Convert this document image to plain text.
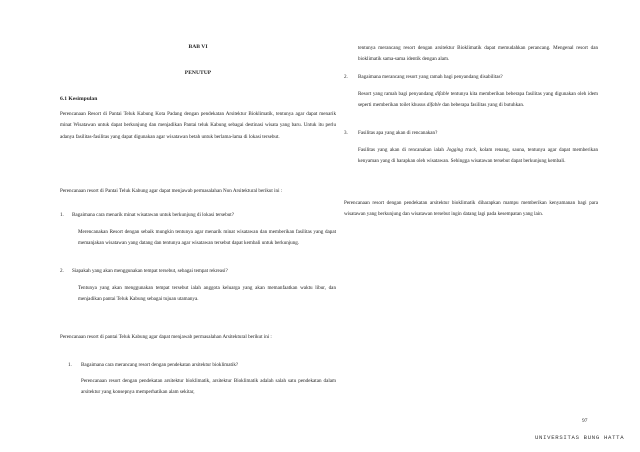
BAB VI
PENUTUP
6.1 Kesimpulan

Perencanaan Resort di Pantai Teluk Kabung Kota Padang dengan pendekatan Arsitektur Bioklimatik, tentunya agar dapat menarik minat Wisatawan untuk dapat berkunjung dan menjadikan Pantai teluk Kabung sebagai destinasi wisata yang baru. Untuk itu perlu adanya fasilitas-fasilitas yang dapat digunakan agar wisatawan betah untuk berlama-lama di lokasi tersebut.

Perencanaan resort di Pantai Teluk Kabung agar dapat menjawab permasalahan Non Arsitektural berikut ini :

1.	Bagaimana cara menarik minat wisatawan untuk berkunjung di lokasi tersebut?

Merencanakan Resort dengan sebaik mungkin tentunya agar menarik minat wisatawan dan memberikan fasilitas yang dapat memanjakan wisatawan yang datang dan tentunya agar wisatawan tersebut dapat kembali untuk berkunjung.

2.	Siapakah yang akan menggunakan tempat tersebut, sebagai tempat rekreasi?

Tentunya yang akan menggunakan tempat tersebut ialah anggota keluarga yang akan memanfaatkan waktu libur, dan menjadikan pantai Teluk Kabung sebagai tujuan utamanya.

Perencanaan resort di pantai Teluk Kabung agar dapat menjawab permasalahan Arsitektural berikut ini :

1.	Bagaimana cara merancang resort dengan pendekatan arsitektur bioklimatik?

Perencanaan resort dengan pendekatan arsitektur bioklimatik, arsitektur Bioklimatik adalah salah satu pendekatan dalam arsitektur yang konsepnya memperhatikan alam sekitar,

tentunya merancang resort dengan arsitektur Bioklimatik dapat memudahkan perancang. Mengenal resort dan bioklimatik sama-sama identik dengan alam.

2.	Bagaimana merancang resort yang ramah bagi penyandang disabilitas?

Resort yang ramah bagi penyandang difable tentunya kita memberikan beberapa fasilitas yang digunakan oleh idem seperti memberikan toilet khusus difable dan beberapa fasilitas yang di butuhkan.

3.	Fasilitas apa yang akan di rencanakan?

Fasilitas yang akan di rencanakan ialah Jogging track, kolam renang, sauna, tentunya agar dapat memberikan kenyaman yang di harapkan oleh wisatawan. Sehingga wisatawan tersebut dapat berkunjung kembali.

Perencanaan resort dengan pendekatan arsitektur bioklimatik diharapkan mampu memberikan kenyamanan bagi para wisatawan yang berkunjung dan wisatawan tersebut ingin datang lagi pada kesempatan yang lain.

97
UNIVERSITAS BUNG HATTA
